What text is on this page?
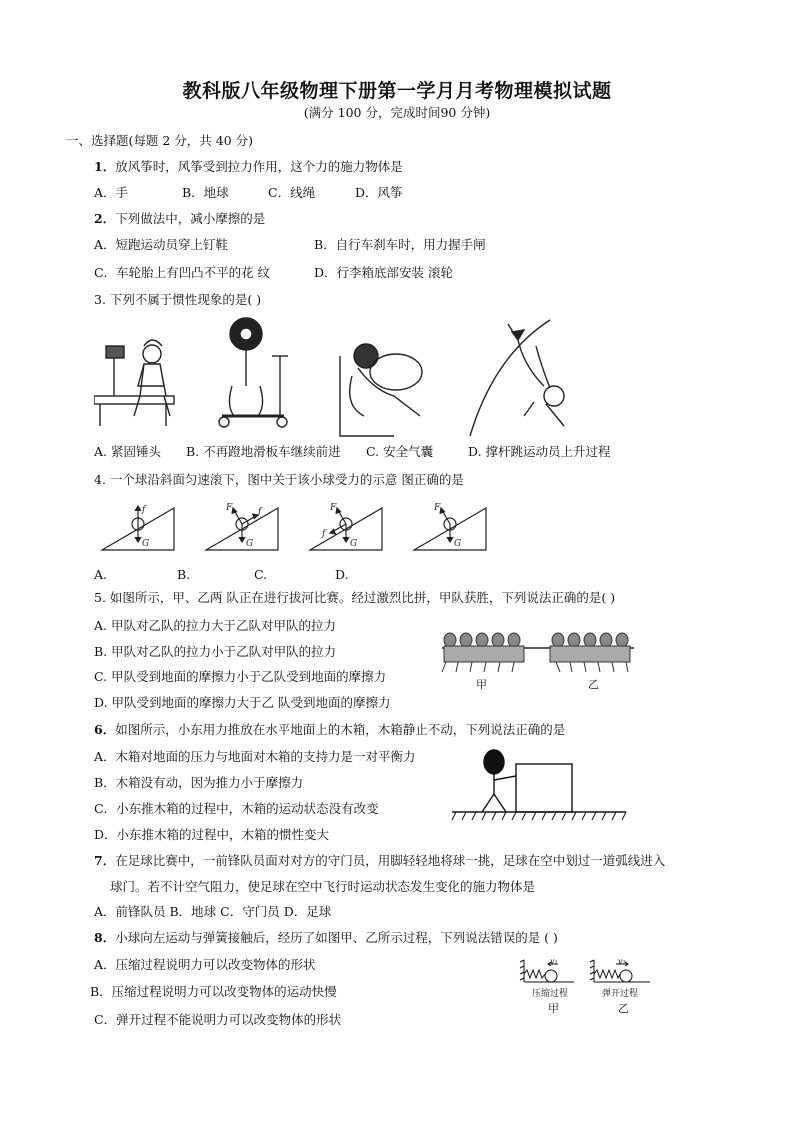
教科版八年级物理下册第一学月月考物理模拟试题
(满分 100 分，完成时间90 分钟)
一、选择题(每题 2 分，共 40 分)
1．放风筝时，风筝受到拉力作用，这个力的施力物体是
A．手	B．地球	C．线绳	D．风筝
2．下列做法中，减小摩擦的是
A．短跑运动员穿上钉鞋	B．自行车刹车时，用力握手闸
C．车轮胎上有凹凸不平的花 纹	D．行李箱底部安装 滚轮
3. 下列不属于惯性现象的是( )
A. 紧固锤头 B. 不再蹬地滑板车继续前进 C. 安全气囊	D. 撑杆跳运动员上升过程
4. 一个球沿斜面匀速滚下，图中关于该小球受力的示意 图正确的是
f
G
F	f
G
F
f
G
F
G
A.	B.	C.	D.
5. 如图所示，甲、乙两 队正在进行拔河比赛。经过激烈比拼，甲队获胜，下列说法正确的是( )
A. 甲队对乙队的拉力大于乙队对甲队的拉力
B. 甲队对乙队的拉力小于乙队对甲队的拉力
C. 甲队受到地面的摩擦力小于乙队受到地面的摩擦力
D. 甲队受到地面的摩擦力大于乙 队受到地面的摩擦力
甲	乙
6．如图所示，小东用力推放在水平地面上的木箱，木箱静止不动，下列说法正确的是
A．木箱对地面的压力与地面对木箱的支持力是一对平衡力
B．木箱没有动，因为推力小于摩擦力
C．小东推木箱的过程中，木箱的运动状态没有改变
D．小东推木箱的过程中，木箱的惯性变大
7．在足球比赛中，一前锋队员面对对方的守门员，用脚轻轻地将球一挑，足球在空中划过一道弧线进入
球门。若不计空气阻力，使足球在空中飞行时运动状态发生变化的施力物体是
A．前锋队员 B．地球 C．守门员 D．足球
8．小球向左运动与弹簧接触后，经历了如图甲、乙所示过程，下列说法错误的是 ( )
A．压缩过程说明力可以改变物体的形状
B．压缩过程说明力可以改变物体的运动快慢
C．弹开过程不能说明力可以改变物体的形状
v₁	v₂
压缩过程	弹开过程
甲	乙
